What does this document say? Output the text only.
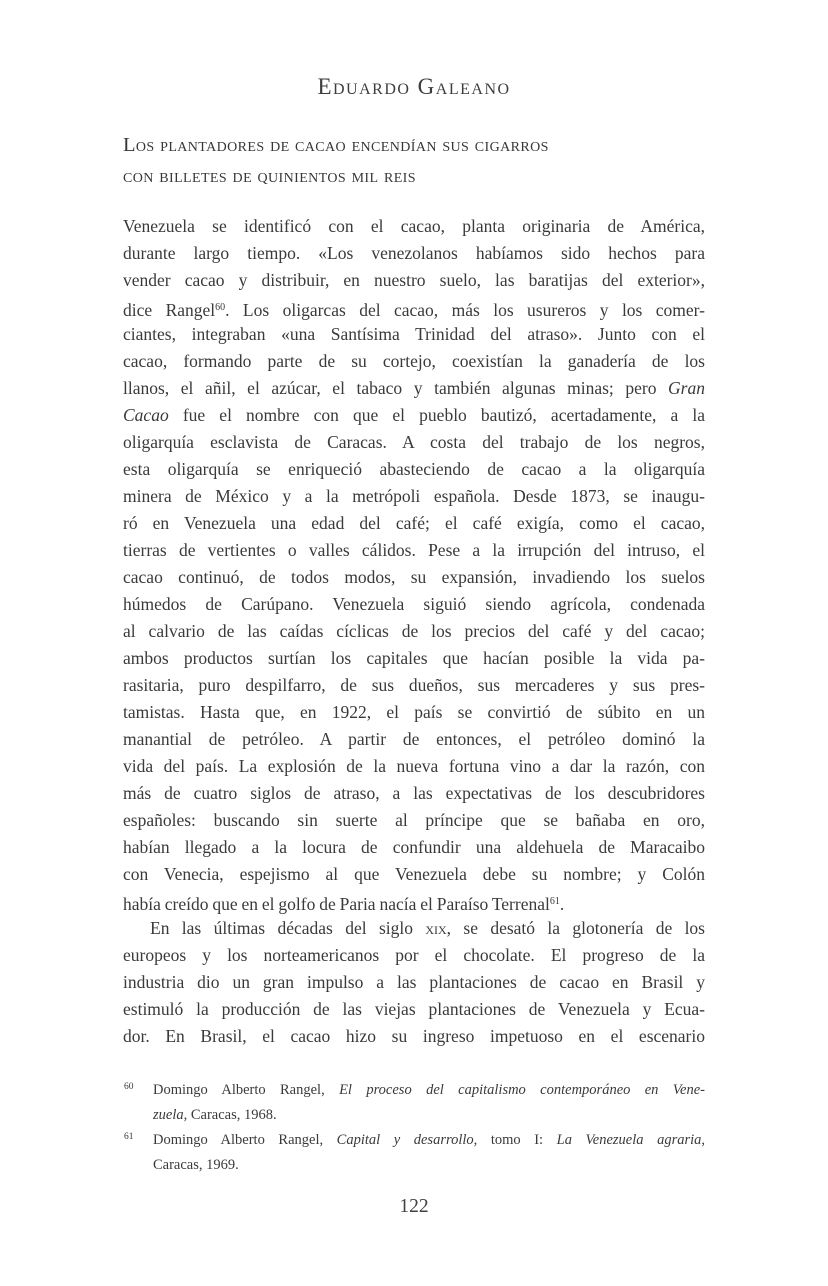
Eduardo Galeano
Los plantadores de cacao encendían sus cigarros
con billetes de quinientos mil reis
Venezuela se identificó con el cacao, planta originaria de América,
durante largo tiempo. «Los venezolanos habíamos sido hechos para
vender cacao y distribuir, en nuestro suelo, las baratijas del exterior»,
dice Rangel$^{60}$. Los oligarcas del cacao, más los usureros y los comer-
ciantes, integraban «una Santísima Trinidad del atraso». Junto con el
cacao, formando parte de su cortejo, coexistían la ganadería de los
llanos, el añil, el azúcar, el tabaco y también algunas minas; pero Gran
Cacao fue el nombre con que el pueblo bautizó, acertadamente, a la
oligarquía esclavista de Caracas. A costa del trabajo de los negros,
esta oligarquía se enriqueció abasteciendo de cacao a la oligarquía
minera de México y a la metrópoli española. Desde 1873, se inaugu-
ró en Venezuela una edad del café; el café exigía, como el cacao,
tierras de vertientes o valles cálidos. Pese a la irrupción del intruso, el
cacao continuó, de todos modos, su expansión, invadiendo los suelos
húmedos de Carúpano. Venezuela siguió siendo agrícola, condenada
al calvario de las caídas cíclicas de los precios del café y del cacao;
ambos productos surtían los capitales que hacían posible la vida pa-
rasitaria, puro despilfarro, de sus dueños, sus mercaderes y sus pres-
tamistas. Hasta que, en 1922, el país se convirtió de súbito en un
manantial de petróleo. A partir de entonces, el petróleo dominó la
vida del país. La explosión de la nueva fortuna vino a dar la razón, con
más de cuatro siglos de atraso, a las expectativas de los descubridores
españoles: buscando sin suerte al príncipe que se bañaba en oro,
habían llegado a la locura de confundir una aldehuela de Maracaibo
con Venecia, espejismo al que Venezuela debe su nombre; y Colón
había creído que en el golfo de Paria nacía el Paraíso Terrenal$^{61}$.
En las últimas décadas del siglo xix, se desató la glotonería de los
europeos y los norteamericanos por el chocolate. El progreso de la
industria dio un gran impulso a las plantaciones de cacao en Brasil y
estimuló la producción de las viejas plantaciones de Venezuela y Ecua-
dor. En Brasil, el cacao hizo su ingreso impetuoso en el escenario
60 Domingo Alberto Rangel, El proceso del capitalismo contemporáneo en Vene-
zuela, Caracas, 1968.
61 Domingo Alberto Rangel, Capital y desarrollo, tomo I: La Venezuela agraria,
Caracas, 1969.
122
